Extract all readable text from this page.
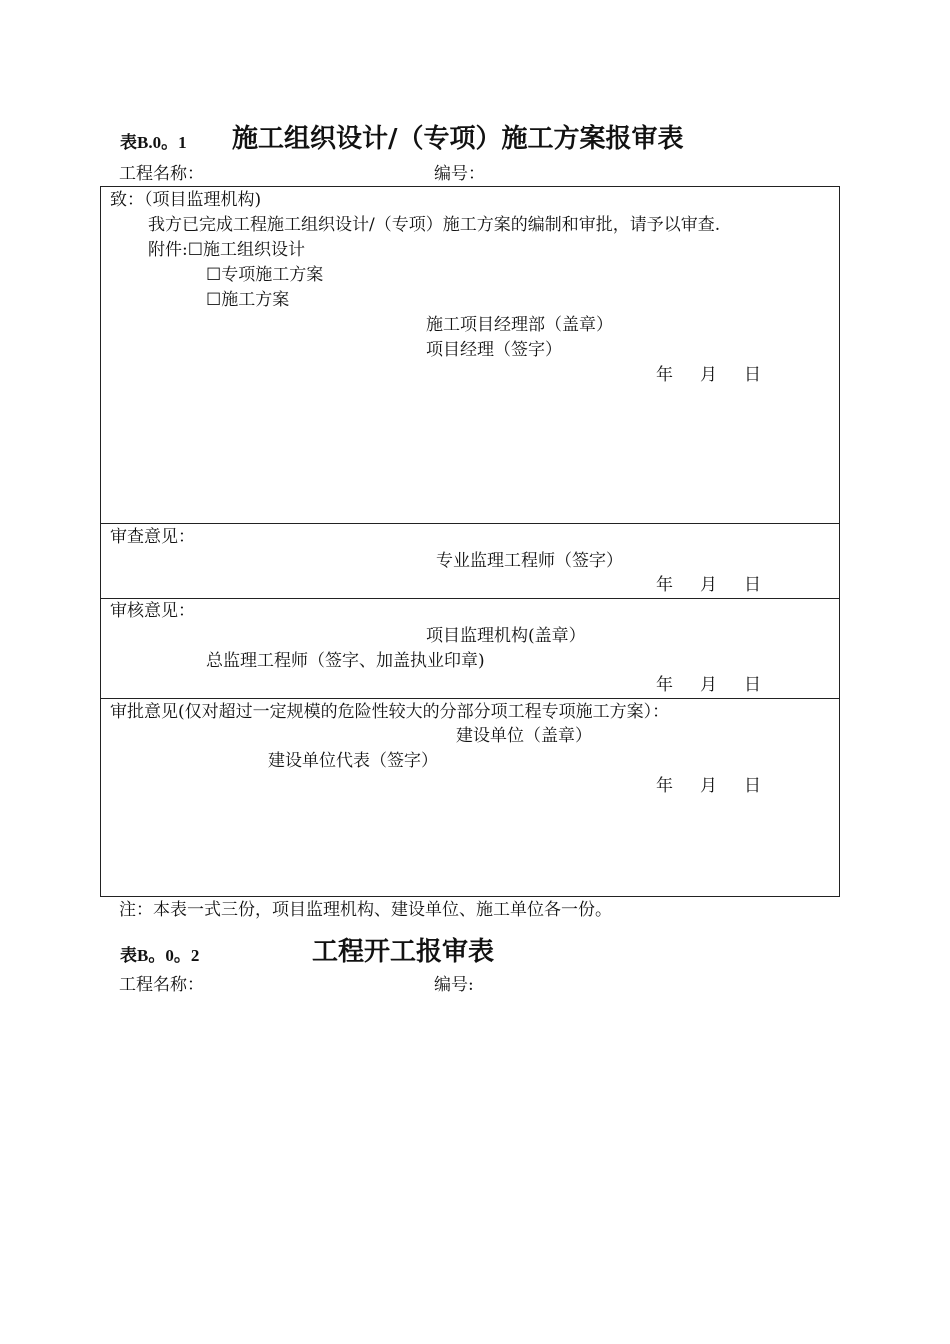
表B.0。1 施工组织设计/（专项）施工方案报审表
工程名称：	编号：
致：（项目监理机构)
我方已完成工程施工组织设计/（专项）施工方案的编制和审批，请予以审查.
附件:☐施工组织设计
☐专项施工方案
☐施工方案
施工项目经理部（盖章）
项目经理（签字）
年 月 日
审查意见：
专业监理工程师（签字）
年 月 日
审核意见：
项目监理机构(盖章）
总监理工程师（签字、加盖执业印章)
年 月 日
审批意见(仅对超过一定规模的危险性较大的分部分项工程专项施工方案）：
建设单位（盖章）
建设单位代表（签字）
年 月 日
注：本表一式三份，项目监理机构、建设单位、施工单位各一份。
表B。0。2	工程开工报审表
工程名称：	编号:
